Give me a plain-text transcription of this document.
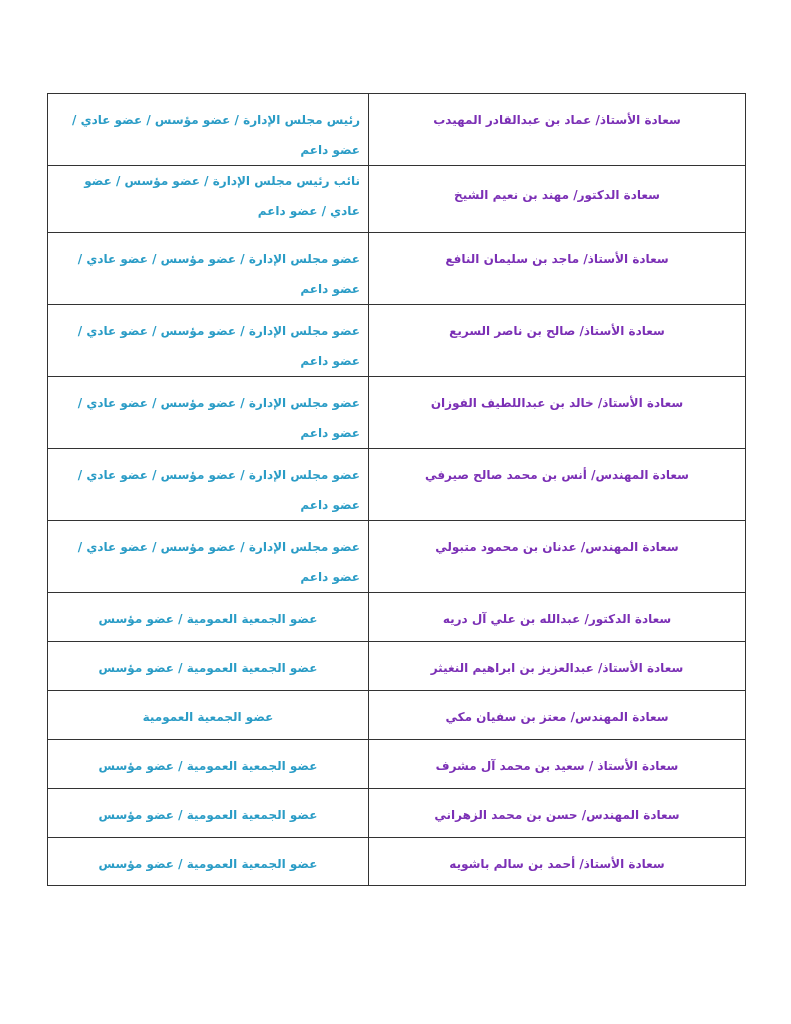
رئيس مجلس الإدارة / عضو مؤسس / عضو عادي / عضو داعم	سعادة الأستاذ/ عماد بن عبدالقادر المهيدب
نائب رئيس مجلس الإدارة / عضو مؤسس / عضو عادي / عضو داعم	سعادة الدكتور/ مهند بن نعيم الشيخ
عضو مجلس الإدارة / عضو مؤسس / عضو عادي / عضو داعم	سعادة الأستاذ/ ماجد بن سليمان النافع
عضو مجلس الإدارة / عضو مؤسس / عضو عادي / عضو داعم	سعادة الأستاذ/ صالح بن ناصر السريع
عضو مجلس الإدارة / عضو مؤسس / عضو عادي / عضو داعم	سعادة الأستاذ/ خالد بن عبداللطيف الفوزان
عضو مجلس الإدارة / عضو مؤسس / عضو عادي / عضو داعم	سعادة المهندس/ أنس بن محمد صالح صيرفي
عضو مجلس الإدارة / عضو مؤسس / عضو عادي / عضو داعم	سعادة المهندس/ عدنان بن محمود متبولي
عضو الجمعية العمومية / عضو مؤسس	سعادة الدكتور/ عبدالله بن علي آل دريه
عضو الجمعية العمومية / عضو مؤسس	سعادة الأستاذ/ عبدالعزيز بن ابراهيم النغيثر
عضو الجمعية العمومية	سعادة المهندس/ معتز بن سفيان مكي
عضو الجمعية العمومية / عضو مؤسس	سعادة الأستاذ / سعيد بن محمد آل مشرف
عضو الجمعية العمومية / عضو مؤسس	سعادة المهندس/ حسن بن محمد الزهراني
عضو الجمعية العمومية / عضو مؤسس	سعادة الأستاذ/ أحمد بن سالم باشويه
